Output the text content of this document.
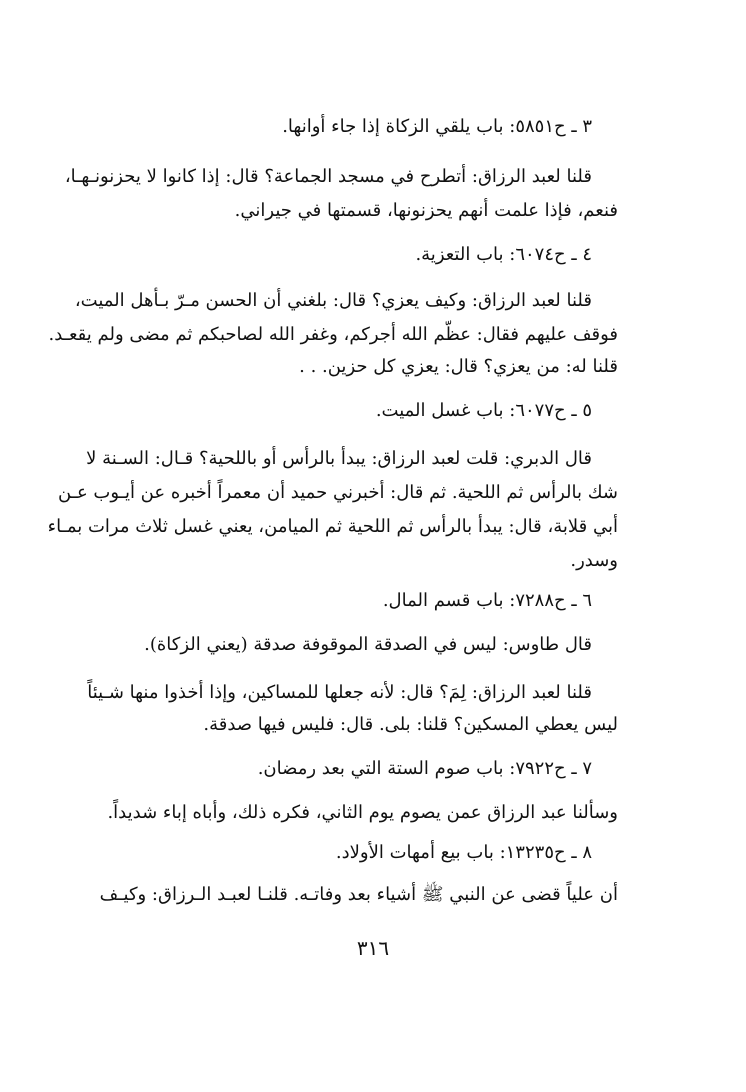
٣ ـ ح٥٨٥١: باب يلقي الزكاة إذا جاء أوانها.
قلنا لعبد الرزاق: أتطرح في مسجد الجماعة؟ قال: إذا كانوا لا يحزنونـهـا،
فنعم، فإذا علمت أنهم يحزنونها، قسمتها في جيراني.
٤ ـ ح٦٠٧٤: باب التعزية.
قلنا لعبد الرزاق: وكيف يعزي؟ قال: بلغني أن الحسن مـرّ بـأهل الميت،
فوقف عليهم فقال: عظّم الله أجركم، وغفر الله لصاحبكم ثم مضى ولم يقعـد.
قلنا له: من يعزي؟ قال: يعزي كل حزين. . .
٥ ـ ح٦٠٧٧: باب غسل الميت.
قال الدبري: قلت لعبد الرزاق: يبدأ بالرأس أو باللحية؟ قـال: السـنة لا
شك بالرأس ثم اللحية. ثم قال: أخبرني حميد أن معمراً أخبره عن أيـوب عـن
أبي قلابة، قال: يبدأ بالرأس ثم اللحية ثم الميامن، يعني غسل ثلاث مرات بمـاء
وسدر.
٦ ـ ح٧٢٨٨: باب قسم المال.
قال طاوس: ليس في الصدقة الموقوفة صدقة (يعني الزكاة).
قلنا لعبد الرزاق: لِمَ؟ قال: لأنه جعلها للمساكين، وإذا أخذوا منها شـيئاً
ليس يعطي المسكين؟ قلنا: بلى. قال: فليس فيها صدقة.
٧ ـ ح٧٩٢٢: باب صوم الستة التي بعد رمضان.
وسألنا عبد الرزاق عمن يصوم يوم الثاني، فكره ذلك، وأباه إباء شديداً.
٨ ـ ح١٣٢٣٥: باب بيع أمهات الأولاد.
أن علياً قضى عن النبي ﷺ أشياء بعد وفاتـه. قلنـا لعبـد الـرزاق: وكيـف
٣١٦
